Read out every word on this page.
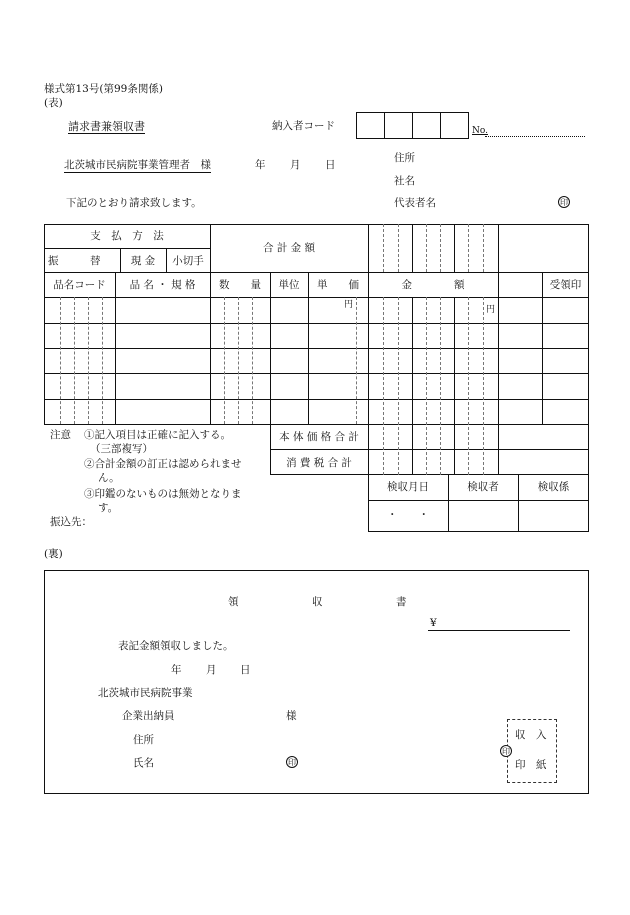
様式第13号(第99条関係)
(表)
請求書兼領収書	納入者コード	No.
北茨城市民病院事業管理者　様	年 月 日
住所
社名
下記のとおり請求致します。	代表者名	印
支　払　方　法
振　　　替	現 金	小切手
合 計 金 額
品名コード	品 名 ・ 規 格	数　　量	単位	単　　価	金　　　　額	受領印
円	円
本 体 価 格 合 計
消 費 税 合 計
検収月日	検収者	検収係
・　　・
注意 ①記入項目は正確に記入する。
（三部複写）
②合計金額の訂正は認められませ
ん。
③印鑑のないものは無効となりま
す。
振込先：
(裏)
領	収	書
¥
表記金額領収しました。
年 月 日
北茨城市民病院事業
企業出納員	様
住所
氏名	印
収　入
印　紙
印
